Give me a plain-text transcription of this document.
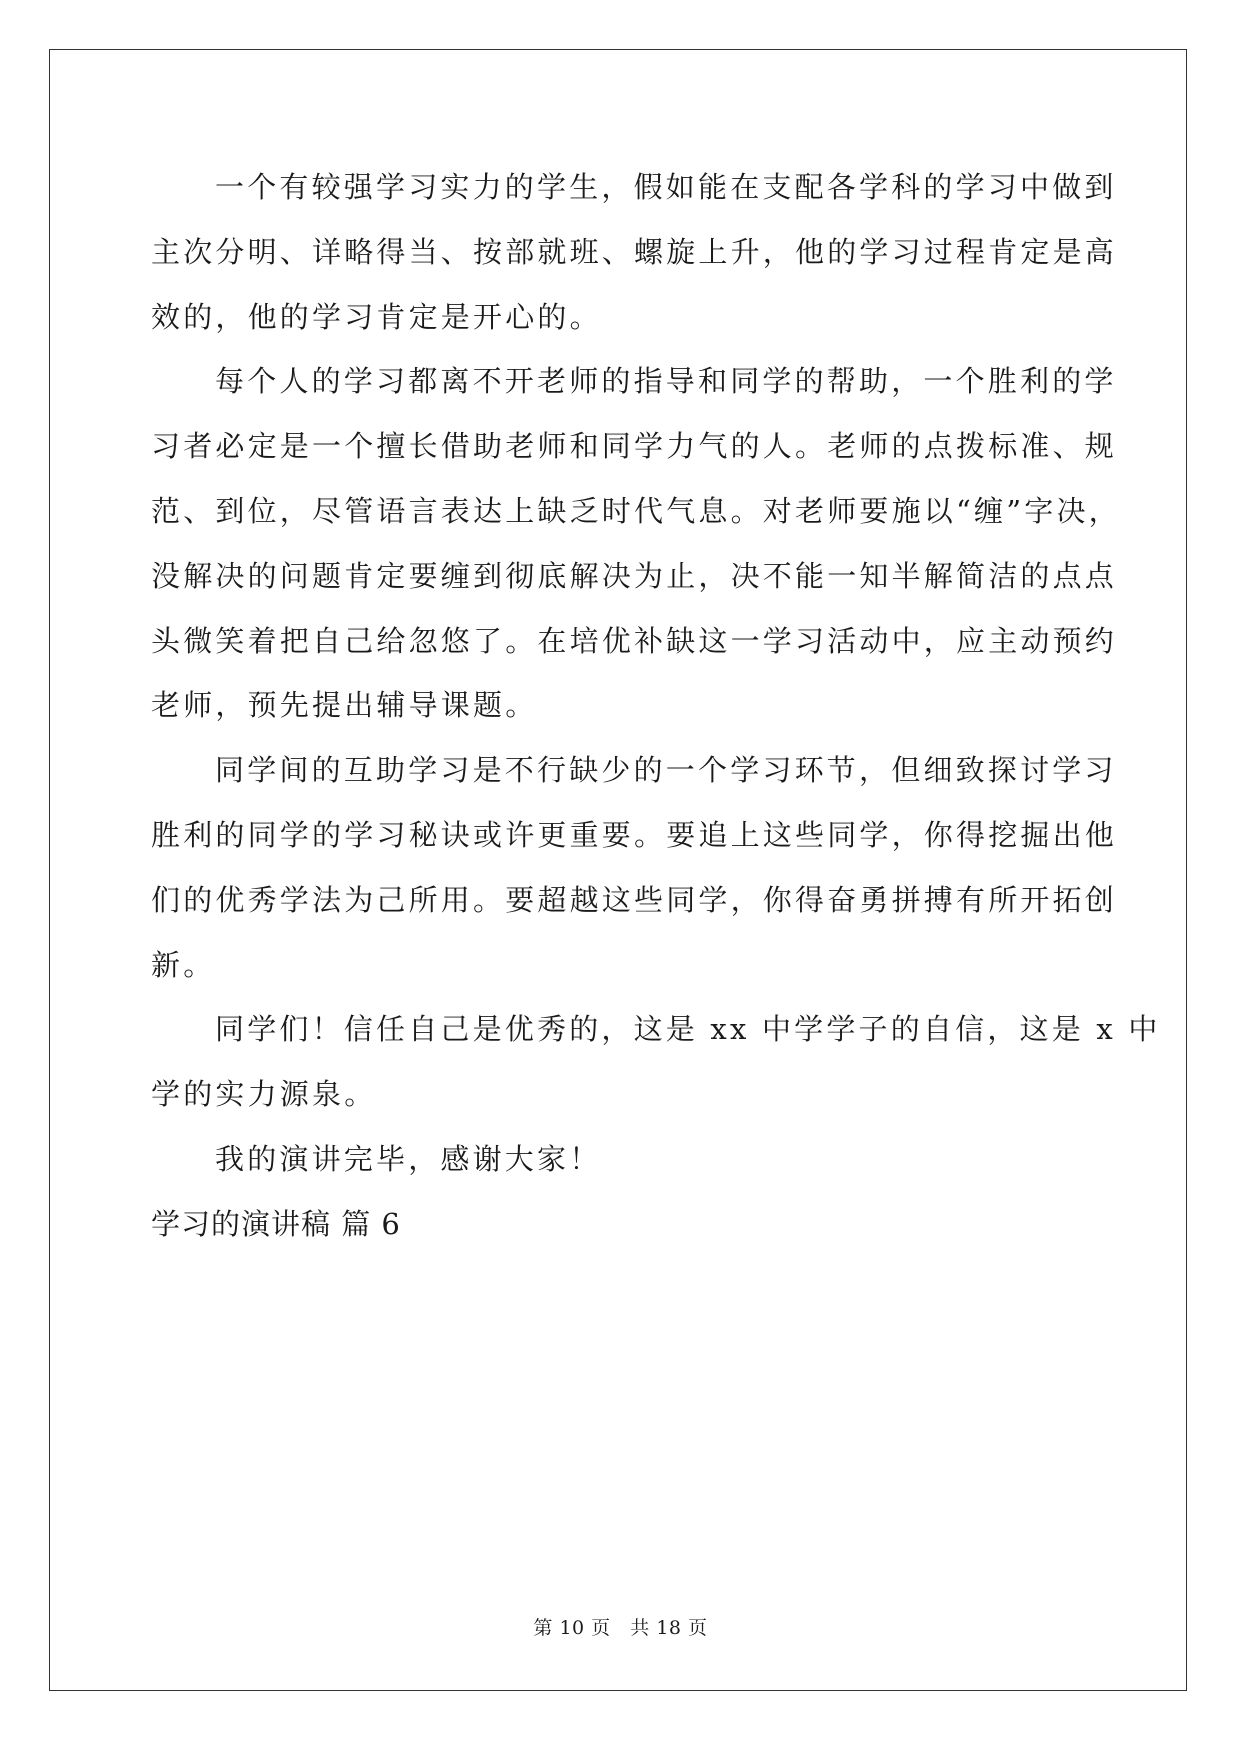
一个有较强学习实力的学生，假如能在支配各学科的学习中做到
主次分明、详略得当、按部就班、螺旋上升，他的学习过程肯定是高
效的，他的学习肯定是开心的。

每个人的学习都离不开老师的指导和同学的帮助，一个胜利的学
习者必定是一个擅长借助老师和同学力气的人。老师的点拨标准、规
范、到位，尽管语言表达上缺乏时代气息。对老师要施以“缠”字决，
没解决的问题肯定要缠到彻底解决为止，决不能一知半解简洁的点点
头微笑着把自己给忽悠了。在培优补缺这一学习活动中，应主动预约
老师，预先提出辅导课题。

同学间的互助学习是不行缺少的一个学习环节，但细致探讨学习
胜利的同学的学习秘诀或许更重要。要追上这些同学，你得挖掘出他
们的优秀学法为己所用。要超越这些同学，你得奋勇拼搏有所开拓创
新。

同学们！信任自己是优秀的，这是 xx 中学学子的自信，这是 x 中
学的实力源泉。

我的演讲完毕，感谢大家！

学习的演讲稿 篇 6
第 10 页   共 18 页
